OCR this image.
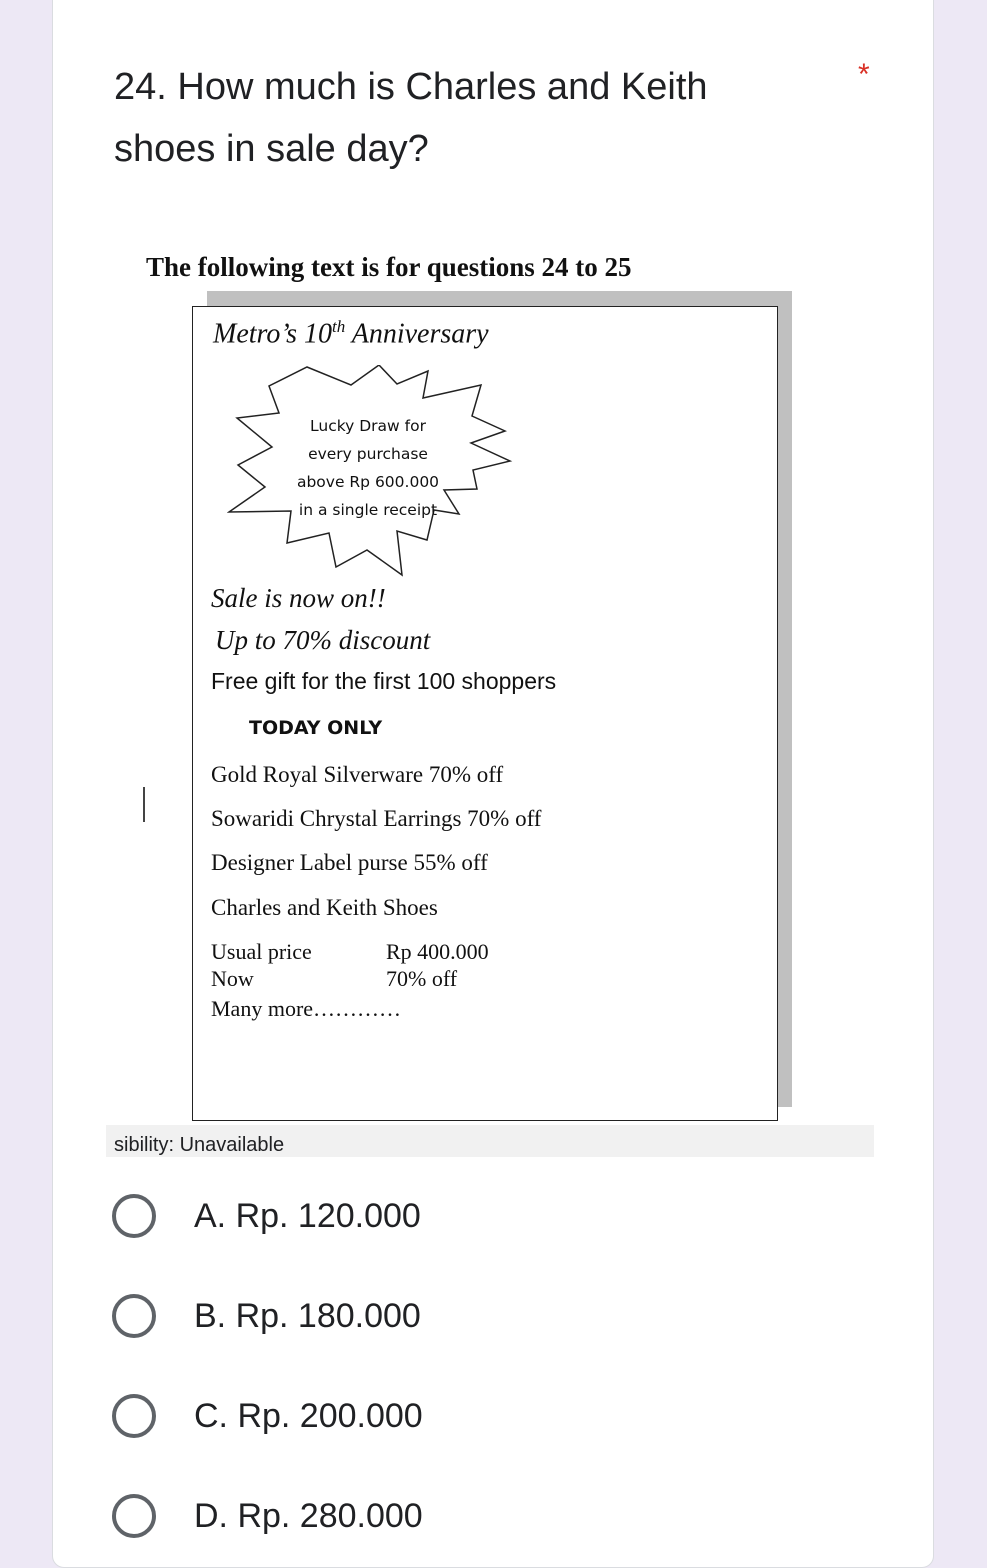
24. How much is Charles and Keith shoes in sale day?
*
The following text is for questions 24 to 25
Metro’s 10th Anniversary
Lucky Draw for
every purchase
above Rp 600.000
in a single receipt
Sale is now on!!
Up to 70% discount
Free gift for the first 100 shoppers
TODAY ONLY
Gold Royal Silverware 70% off
Sowaridi Chrystal Earrings 70% off
Designer Label purse 55% off
Charles and Keith Shoes
Usual price	Rp 400.000
Now	70% off
Many more…………
sibility: Unavailable
A. Rp. 120.000
B. Rp. 180.000
C. Rp. 200.000
D. Rp. 280.000
